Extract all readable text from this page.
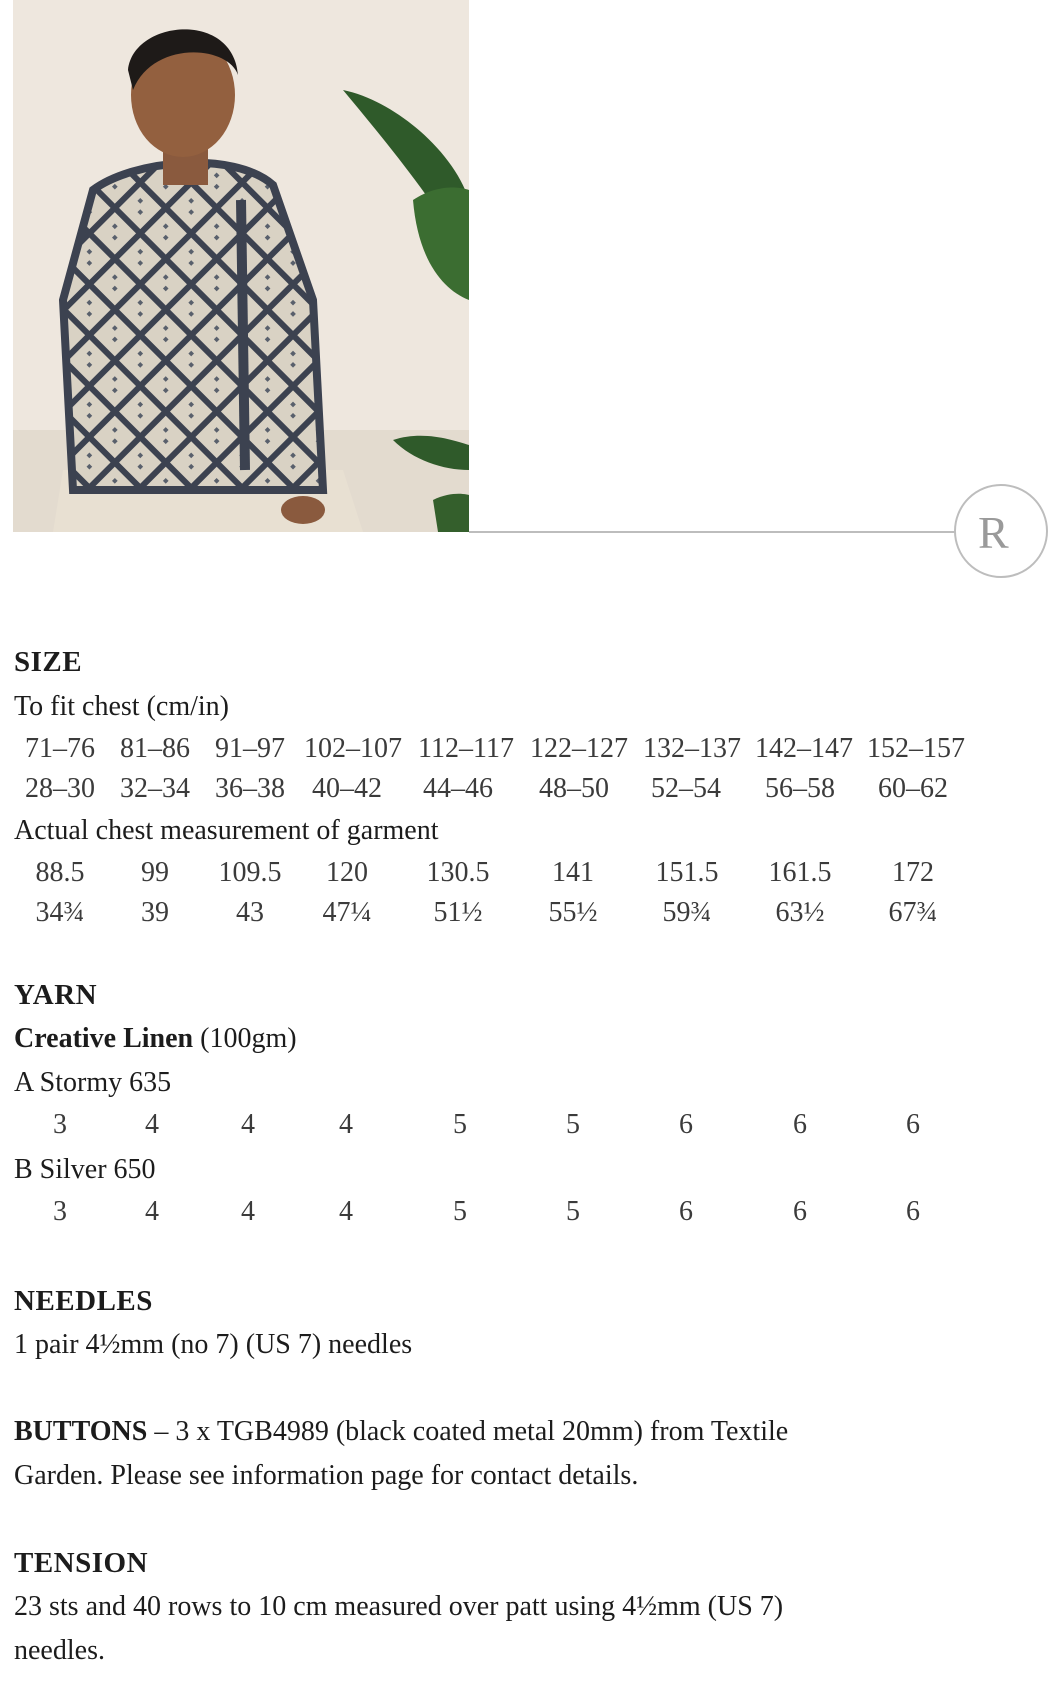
R
SIZE
To fit chest (cm/in)
71–76 81–86 91–97 102–107 112–117 122–127 132–137 142–147 152–157
28–30 32–34 36–38 40–42 44–46 48–50 52–54 56–58 60–62
Actual chest measurement of garment
88.5 99 109.5 120 130.5 141 151.5 161.5 172
34¾ 39 43 47¼ 51½ 55½ 59¾ 63½ 67¾
YARN
Creative Linen (100gm)
A Stormy 635
3	4	4	4	5	5	6	6	6
B Silver 650
3	4	4	4	5	5	6	6	6
NEEDLES
1 pair 4½mm (no 7) (US 7) needles
BUTTONS – 3 x TGB4989 (black coated metal 20mm) from Textile
Garden. Please see information page for contact details.
TENSION
23 sts and 40 rows to 10 cm measured over patt using 4½mm (US 7)
needles.
